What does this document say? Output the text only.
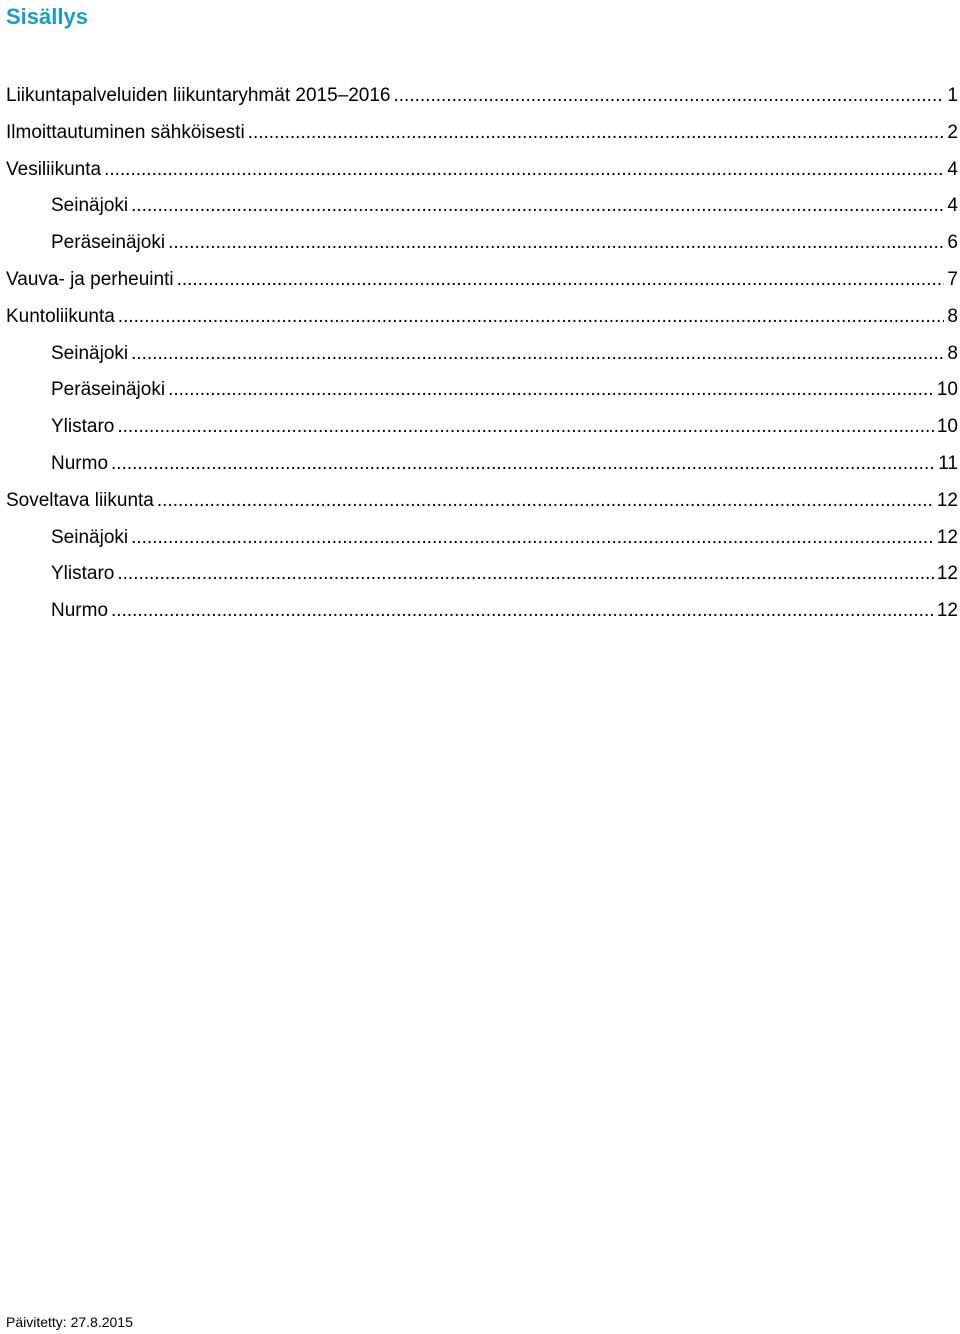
Sisällys
Liikuntapalveluiden liikuntaryhmät 2015–2016 .....	1
Ilmoittautuminen sähköisesti .....	2
Vesiliikunta .....	4
Seinäjoki .....	4
Peräseinäjoki .....	6
Vauva- ja perheuinti .....	7
Kuntoliikunta .....	8
Seinäjoki .....	8
Peräseinäjoki .....	10
Ylistaro .....	10
Nurmo .....	11
Soveltava liikunta .....	12
Seinäjoki .....	12
Ylistaro .....	12
Nurmo .....	12

Päivitetty: 27.8.2015
